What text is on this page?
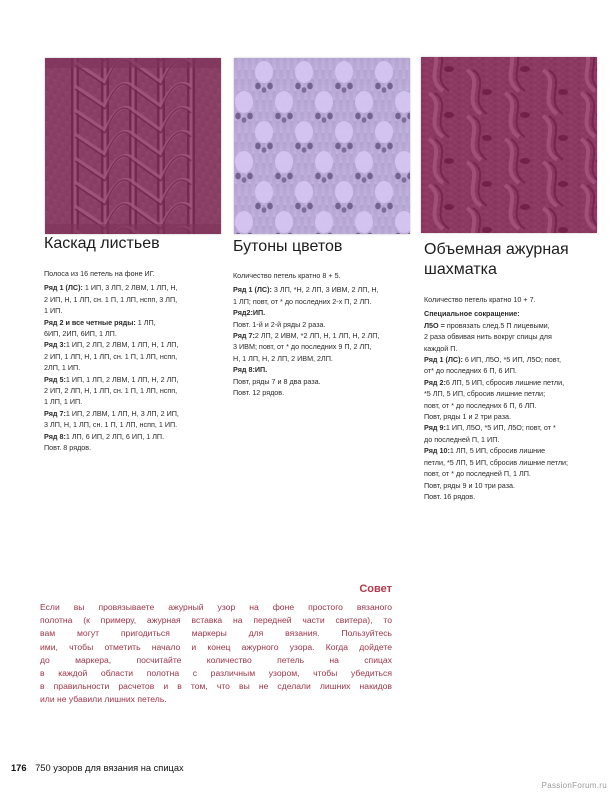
Каскад листьев
Полоса из 16 петель на фоне ИГ.
Ряд 1 (ЛС): 1 ИП, 3 ЛП, 2 ЛВМ, 1 ЛП, Н,
2 ИП, Н, 1 ЛП, сн. 1 П, 1 ЛП, нспп, 3 ЛП,
1 ИП.
Ряд 2 и все четные ряды: 1 ЛП,
6ИП, 2ИП, 6ИП, 1 ЛП.
Ряд 3:1 ИП, 2 ЛП, 2 ЛВМ, 1 ЛП, Н, 1 ЛП,
2 ИП, 1 ЛП, Н, 1 ЛП, сн. 1 П, 1 ЛП, нспп,
2ЛП, 1 ИП.
Ряд 5:1 ИП, 1 ЛП, 2 ЛВМ, 1 ЛП, Н, 2 ЛП,
2 ИП, 2 ЛП, Н, 1 ЛП, сн. 1 П, 1 ЛП, нспп,
1 ЛП, 1 ИП.
Ряд 7:1 ИП, 2 ЛВМ, 1 ЛП, Н, 3 ЛП, 2 ИП,
3 ЛП, Н, 1 ЛП, сн. 1 П, 1 ЛП, нспп, 1 ИП.
Ряд 8:1 ЛП, 6 ИП, 2 ЛП, 6 ИП, 1 ЛП.
Повт. 8 рядов.
Бутоны цветов
Количество петель кратно 8 + 5.
Ряд 1 (ЛС): 3 ЛП, *Н, 2 ЛП, 3 ИВМ, 2 ЛП, Н,
1 ЛП; повт, от * до последних 2-х П, 2 ЛП.
Ряд2:ИП.
Повт. 1-й и 2-й ряды 2 раза.
Ряд 7:2 ЛП, 2 ИВМ, *2 ЛП, Н, 1 ЛП, Н, 2 ЛП,
3 ИВМ; повт, от * до последних 9 П, 2 ЛП,
Н, 1 ЛП, Н, 2 ЛП, 2 ИВМ, 2ЛП.
Ряд 8:ИП.
Повт, ряды 7 и 8 два раза.
Повт. 12 рядов.
Объемная ажурная
шахматка
Количество петель кратно 10 + 7.
Специальное сокращение:
Л5О = провязать след.5 П лицевыми,
2 раза обвивая нить вокруг спицы для
каждой П.
Ряд 1 (ЛС): 6 ИП, Л5О, *5 ИП, Л5О; повт,
от* до последних 6 П, 6 ИП.
Ряд 2:6 ЛП, 5 ИП, сбросив лишние петли,
*5 ЛП, 5 ИП, сбросив лишние петли;
повт, от * до последних 6 П, 6 ЛП.
Повт, ряды 1 и 2 три раза.
Ряд 9:1 ИП, Л5О, *5 ИП, Л5О; повт, от *
до последней П, 1 ИП.
Ряд 10:1 ЛП, 5 ИП, сбросив лишние
петли, *5 ЛП, 5 ИП, сбросив лишние петли;
повт, от * до последней П, 1 ЛП.
Повт, ряды 9 и 10 три раза.
Повт. 16 рядов.
Совет
Если вы провязываете ажурный узор на фоне простого вязаного
полотна (к примеру, ажурная вставка на передней части свитера), то
вам могут пригодиться маркеры для вязания. Пользуйтесь
ими, чтобы отметить начало и конец ажурного узора. Когда дойдете
до маркера, посчитайте количество петель на спицах
в каждой области полотна с различным узором, чтобы убедиться
в правильности расчетов и в том, что вы не сделали лишних накидов
или не убавили лишних петель.
176 750 узоров для вязания на спицах
PassionForum.ru
